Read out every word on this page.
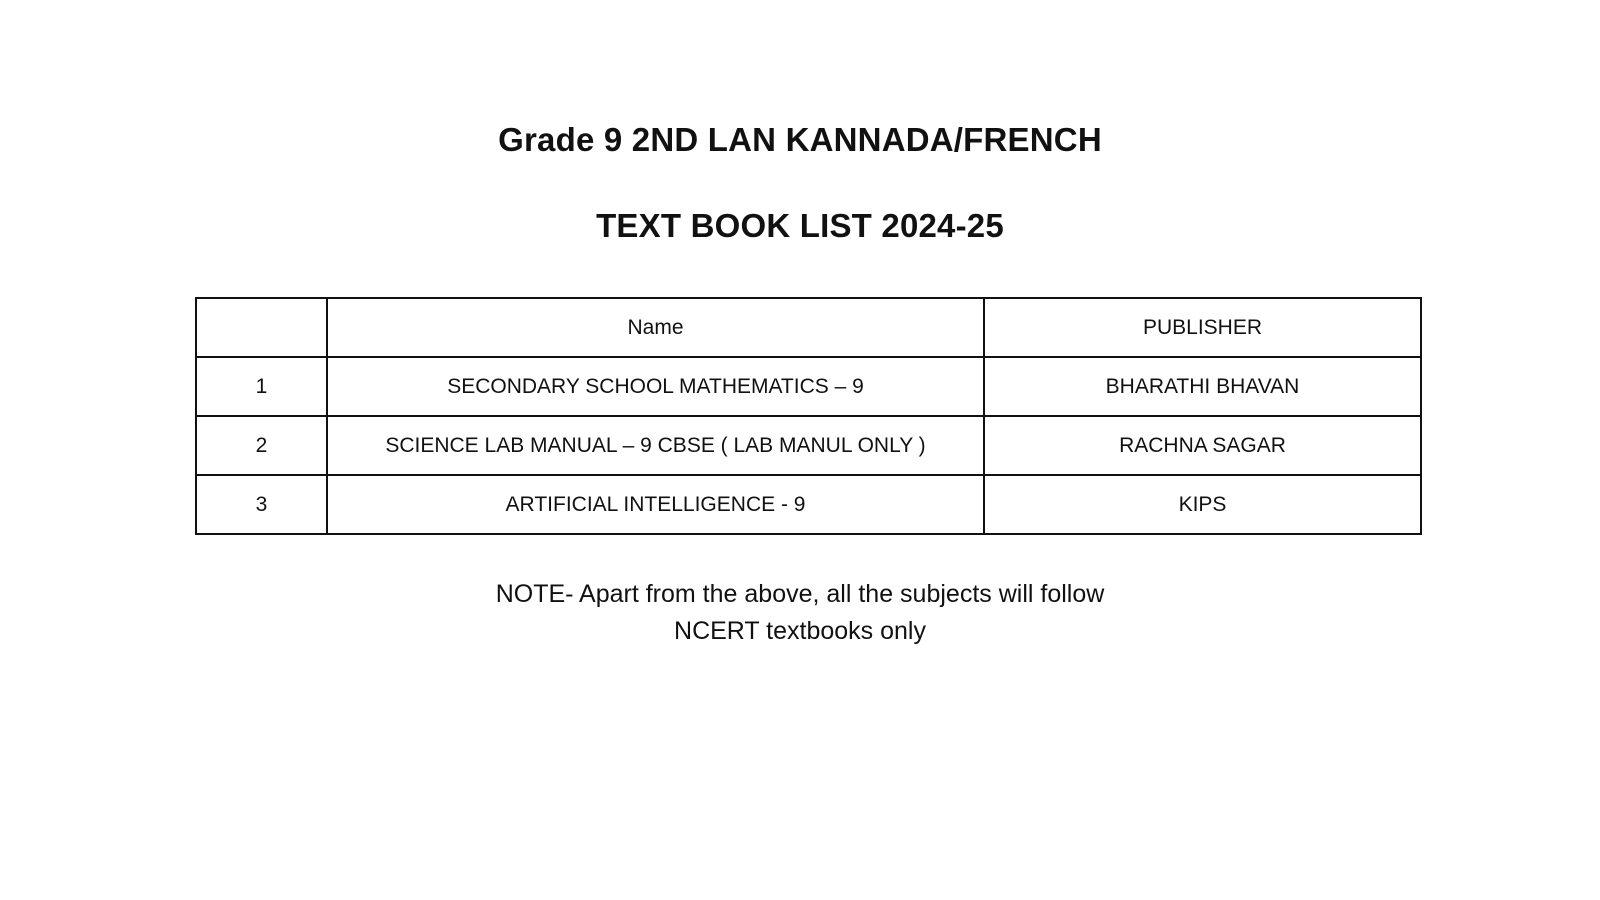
Grade 9 2ND LAN KANNADA/FRENCH
TEXT BOOK LIST 2024-25
	Name	PUBLISHER
1	SECONDARY SCHOOL MATHEMATICS – 9	BHARATHI BHAVAN
2	SCIENCE LAB MANUAL – 9 CBSE ( LAB MANUL ONLY )	RACHNA SAGAR
3	ARTIFICIAL INTELLIGENCE - 9	KIPS
NOTE- Apart from the above, all the subjects will follow
NCERT textbooks only
